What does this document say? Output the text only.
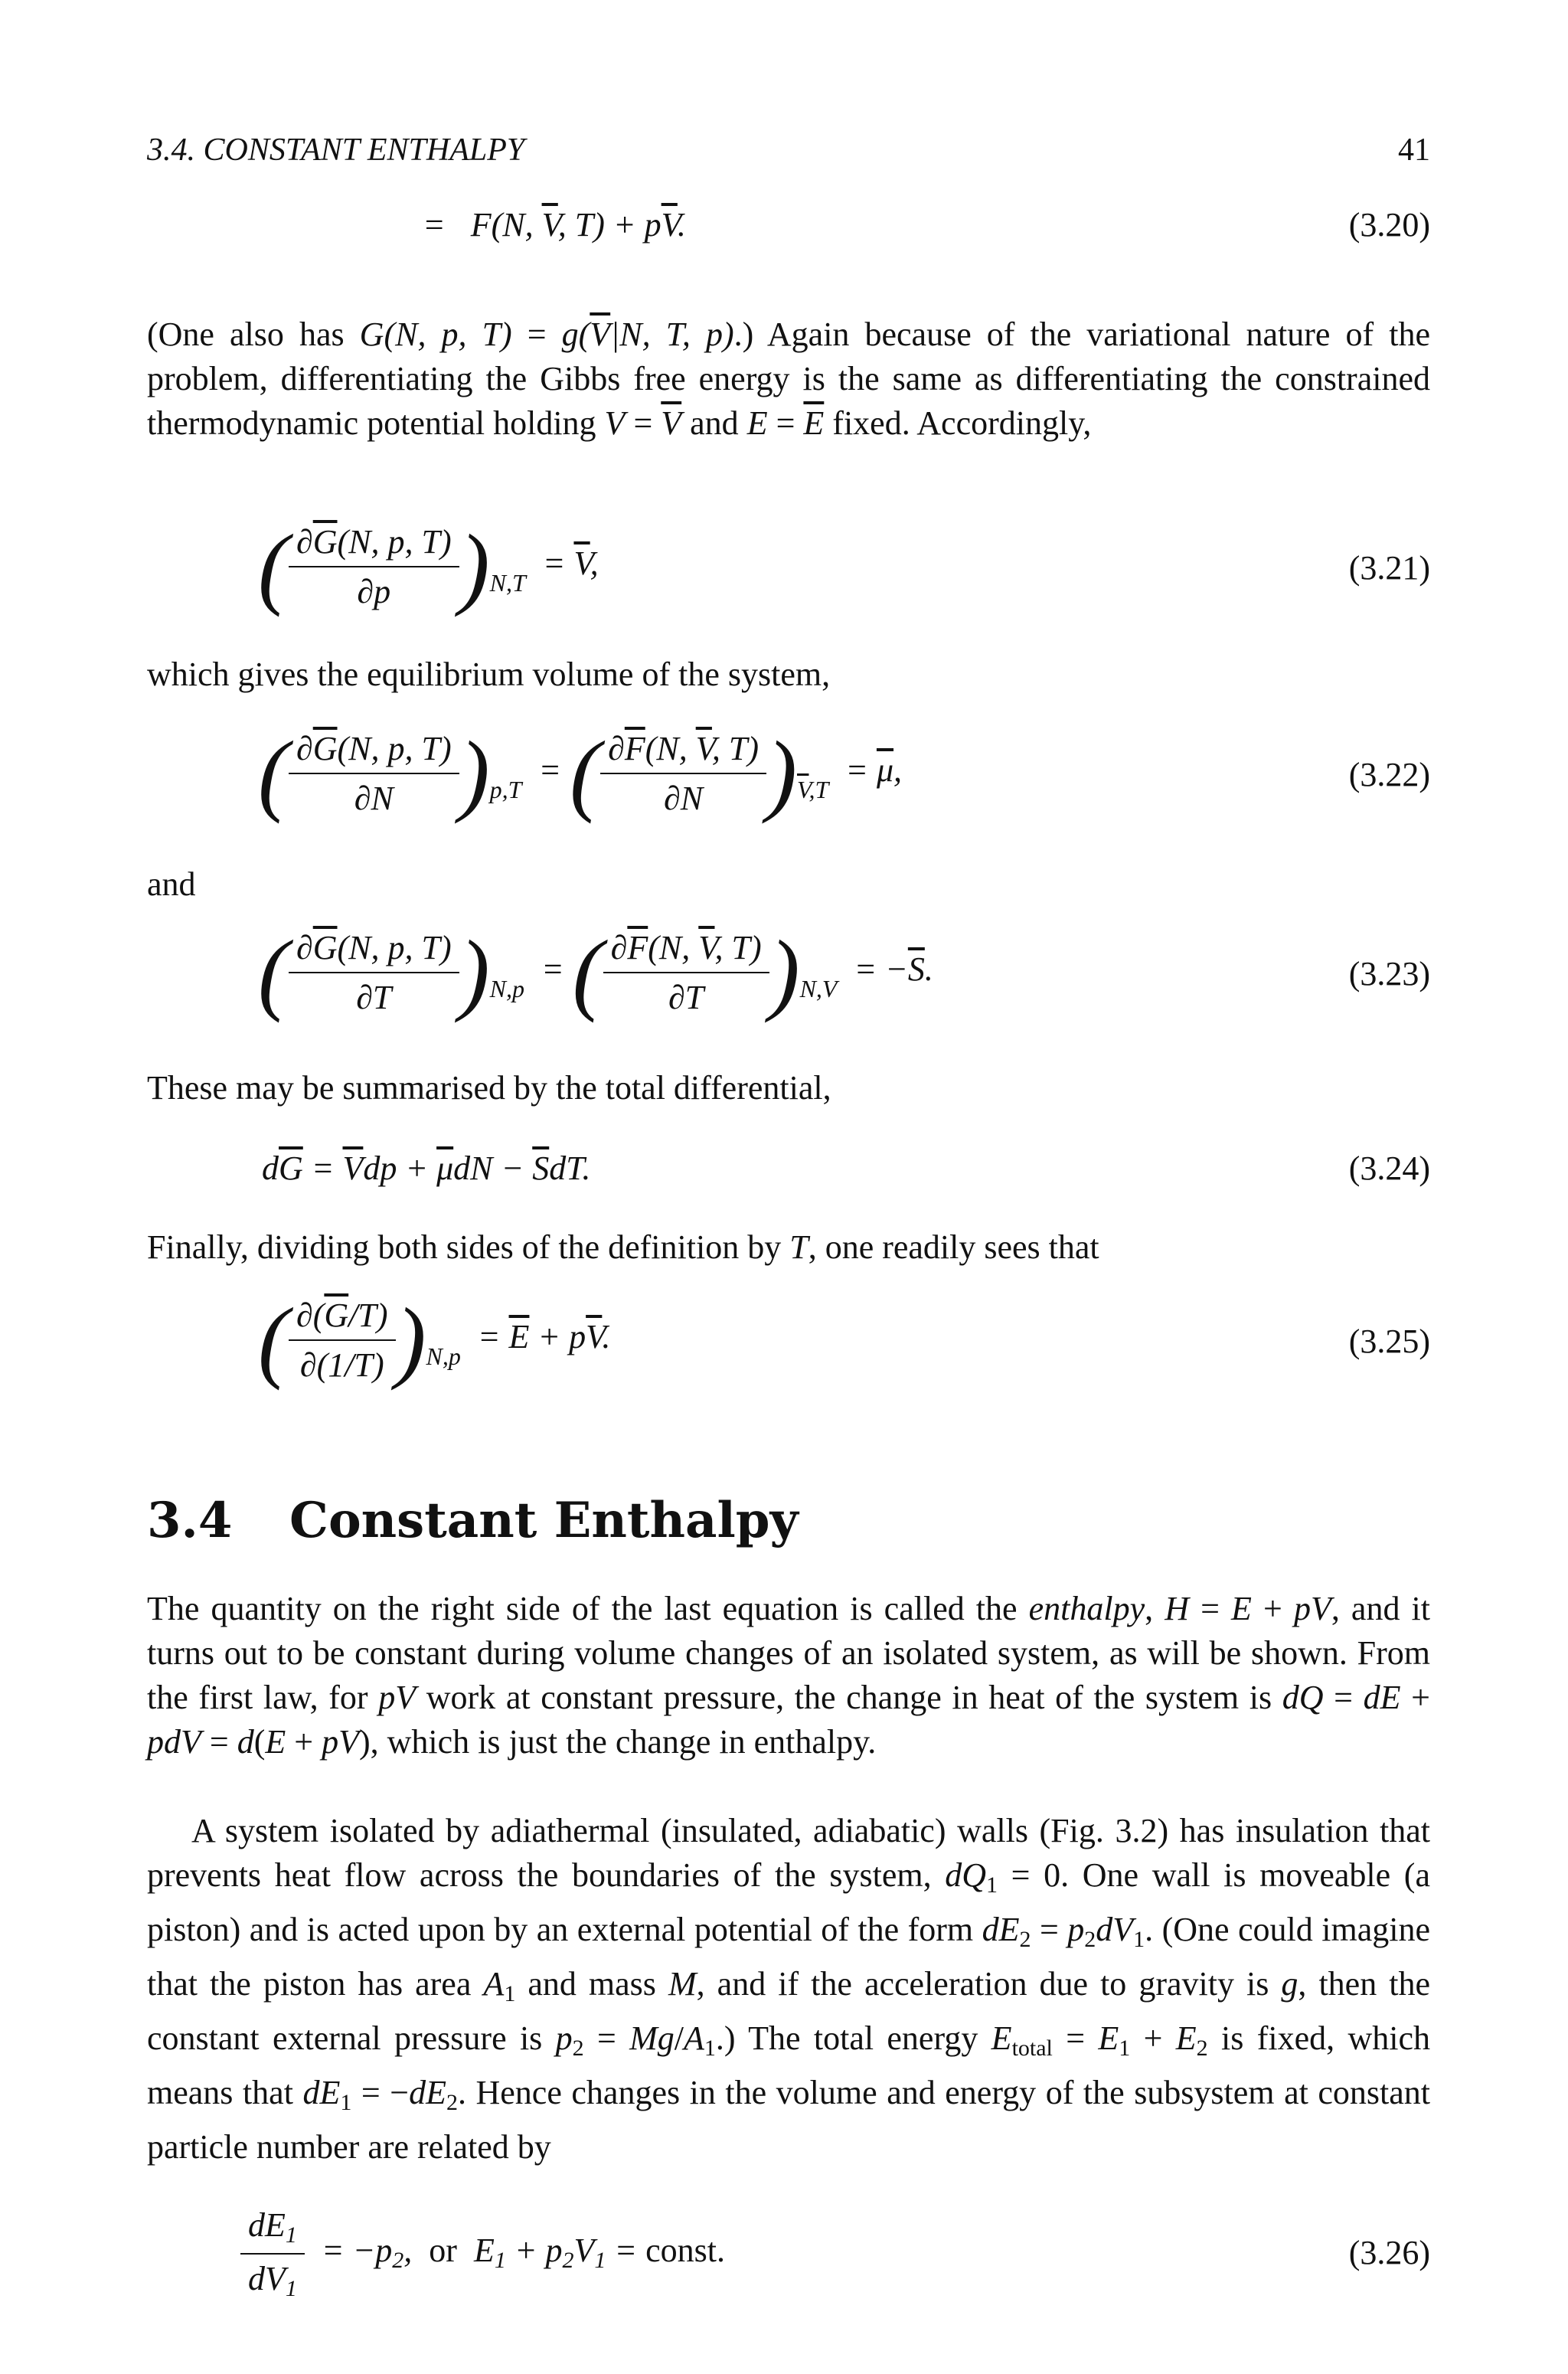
3.4. CONSTANT ENTHALPY	41
=   F(N, $\overline{V}$, $T) + p\overline{V}$.	(3.20)
(One also has G(N, p, $T) = g(\overline{V}|N$, T, p).) Again because of the variational nature of the problem, differentiating the Gibbs free energy is the same as differentiating the constrained thermodynamic potential holding $V = \overline{V}$ and $E = \overline{E}$ fixed. Accordingly,
( $\frac{\partial\overline{G}(N, p, T)}{\partial p} )_{N,T} = \overline{V}$,	(3.21)
which gives the equilibrium volume of the system,
( $\frac{\partial\overline{G}(N, p, T)}{\partial N} )_{p,T}$  = ( $\frac{\partial\overline{F}(N, \overline{V}, T)}{\partial N} )_{\overline{V},T} = \overline{\mu}$,	(3.22)
and
( $\frac{\partial\overline{G}(N, p, T)}{\partial T} )_{N,p}$  = ( $\frac{\partial\overline{F}(N, \overline{V}, T)}{\partial T} )_{N,V} = -\overline{S}$.	(3.23)
These may be summarised by the total differential,
$d\overline{G} = \overline{V}dp + \overline{\mu}dN - \overline{S}dT$.	(3.24)
Finally, dividing both sides of the definition by T, one readily sees that
( $\frac{\partial(\overline{G}/T)}{\partial(1/T)} )_{N,p} = \overline{E} + p\overline{V}$.	(3.25)
3.4 Constant Enthalpy
The quantity on the right side of the last equation is called the enthalpy, H = E + pV, and it turns out to be constant during volume changes of an isolated system, as will be shown. From the first law, for pV work at constant pressure, the change in heat of the system is dQ = dE + pdV = d(E + pV), which is just the change in enthalpy.
A system isolated by adiathermal (insulated, adiabatic) walls (Fig. 3.2) has insulation that prevents heat flow across the boundaries of the system, dQ1 = 0. One wall is moveable (a piston) and is acted upon by an external potential of the form dE2 = p2dV1. (One could imagine that the piston has area A1 and mass M, and if the acceleration due to gravity is g, then the constant external pressure is p2 = Mg/A1.) The total energy Etotal = E1 + E2 is fixed, which means that dE1 = −dE2. Hence changes in the volume and energy of the subsystem at constant particle number are related by
$\frac{dE1}{dV1} = -p2$,  or  E1 + p2V1 = const.	(3.26)
